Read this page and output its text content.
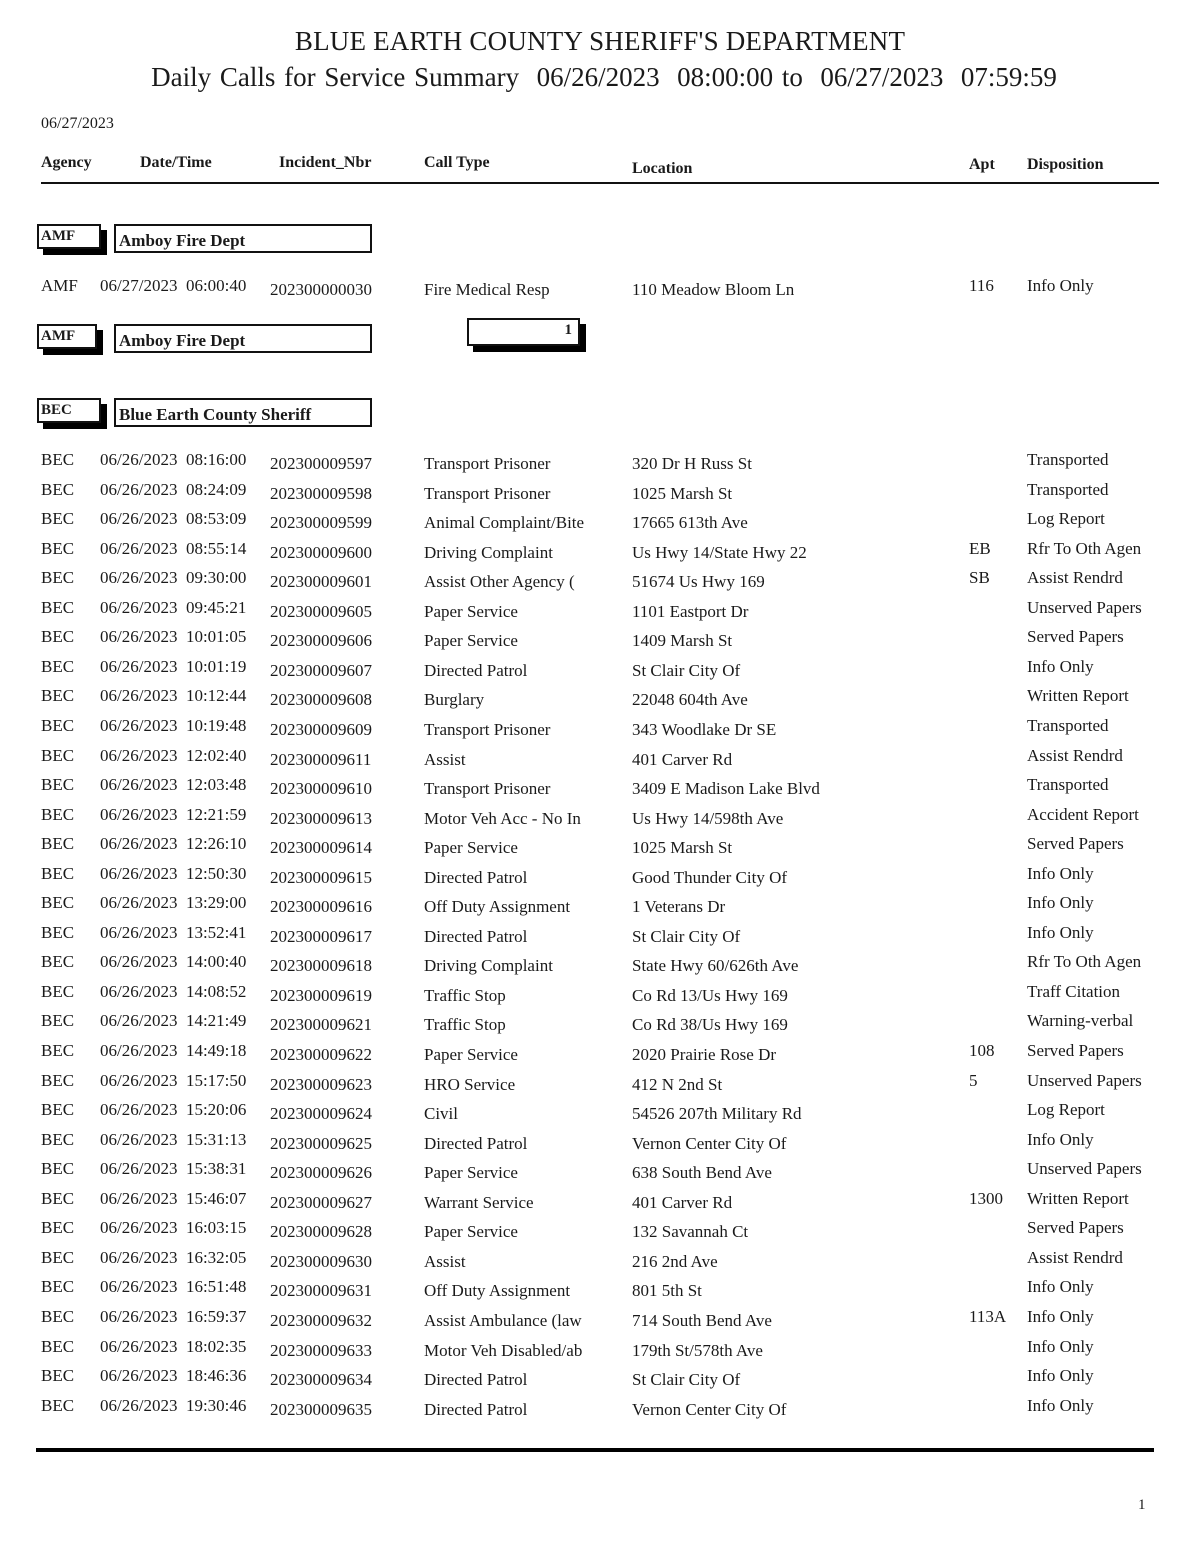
BLUE EARTH COUNTY SHERIFF'S DEPARTMENT
Daily Calls for Service Summary  06/26/2023  08:00:00 to  06/27/2023  07:59:59
06/27/2023
Agency	Date/Time	Incident_Nbr	Call Type	Location	Apt Disposition
AMF	Amboy Fire Dept
AMF 06/27/2023  06:00:40 202300000030	Fire Medical Resp	110 Meadow Bloom Ln	116 Info Only
AMF	Amboy Fire Dept
1
BEC	Blue Earth County Sheriff
BEC 06/26/2023  08:16:00 202300009597	Transport Prisoner	320 Dr H Russ St	Transported
BEC 06/26/2023  08:24:09 202300009598	Transport Prisoner	1025 Marsh St	Transported
BEC 06/26/2023  08:53:09 202300009599	Animal Complaint/Bite	17665 613th Ave	Log Report
BEC 06/26/2023  08:55:14 202300009600	Driving Complaint	Us Hwy 14/State Hwy 22	EB Rfr To Oth Agen
BEC 06/26/2023  09:30:00 202300009601	Assist Other Agency (	51674 Us Hwy 169	SB Assist Rendrd
BEC 06/26/2023  09:45:21 202300009605	Paper Service	1101 Eastport Dr	Unserved Papers
BEC 06/26/2023  10:01:05 202300009606	Paper Service	1409 Marsh St	Served Papers
BEC 06/26/2023  10:01:19 202300009607	Directed Patrol	St Clair City Of	Info Only
BEC 06/26/2023  10:12:44 202300009608	Burglary	22048 604th Ave	Written Report
BEC 06/26/2023  10:19:48 202300009609	Transport Prisoner	343 Woodlake Dr SE	Transported
BEC 06/26/2023  12:02:40 202300009611	Assist	401 Carver Rd	Assist Rendrd
BEC 06/26/2023  12:03:48 202300009610	Transport Prisoner	3409 E Madison Lake Blvd	Transported
BEC 06/26/2023  12:21:59 202300009613	Motor Veh Acc - No In	Us Hwy 14/598th Ave	Accident Report
BEC 06/26/2023  12:26:10 202300009614	Paper Service	1025 Marsh St	Served Papers
BEC 06/26/2023  12:50:30 202300009615	Directed Patrol	Good Thunder City Of	Info Only
BEC 06/26/2023  13:29:00 202300009616	Off Duty Assignment	1 Veterans Dr	Info Only
BEC 06/26/2023  13:52:41 202300009617	Directed Patrol	St Clair City Of	Info Only
BEC 06/26/2023  14:00:40 202300009618	Driving Complaint	State Hwy 60/626th Ave	Rfr To Oth Agen
BEC 06/26/2023  14:08:52 202300009619	Traffic Stop	Co Rd 13/Us Hwy 169	Traff Citation
BEC 06/26/2023  14:21:49 202300009621	Traffic Stop	Co Rd 38/Us Hwy 169	Warning-verbal
BEC 06/26/2023  14:49:18 202300009622	Paper Service	2020 Prairie Rose Dr	108 Served Papers
BEC 06/26/2023  15:17:50 202300009623	HRO Service	412 N 2nd St	5	Unserved Papers
BEC 06/26/2023  15:20:06 202300009624	Civil	54526 207th Military Rd	Log Report
BEC 06/26/2023  15:31:13 202300009625	Directed Patrol	Vernon Center City Of	Info Only
BEC 06/26/2023  15:38:31 202300009626	Paper Service	638 South Bend Ave	Unserved Papers
BEC 06/26/2023  15:46:07 202300009627	Warrant Service	401 Carver Rd	1300 Written Report
BEC 06/26/2023  16:03:15 202300009628	Paper Service	132 Savannah Ct	Served Papers
BEC 06/26/2023  16:32:05 202300009630	Assist	216 2nd Ave	Assist Rendrd
BEC 06/26/2023  16:51:48 202300009631	Off Duty Assignment	801 5th St	Info Only
BEC 06/26/2023  16:59:37 202300009632	Assist Ambulance (law	714 South Bend Ave	113A Info Only
BEC 06/26/2023  18:02:35 202300009633	Motor Veh Disabled/ab	179th St/578th Ave	Info Only
BEC 06/26/2023  18:46:36 202300009634	Directed Patrol	St Clair City Of	Info Only
BEC 06/26/2023  19:30:46 202300009635	Directed Patrol	Vernon Center City Of	Info Only
1
